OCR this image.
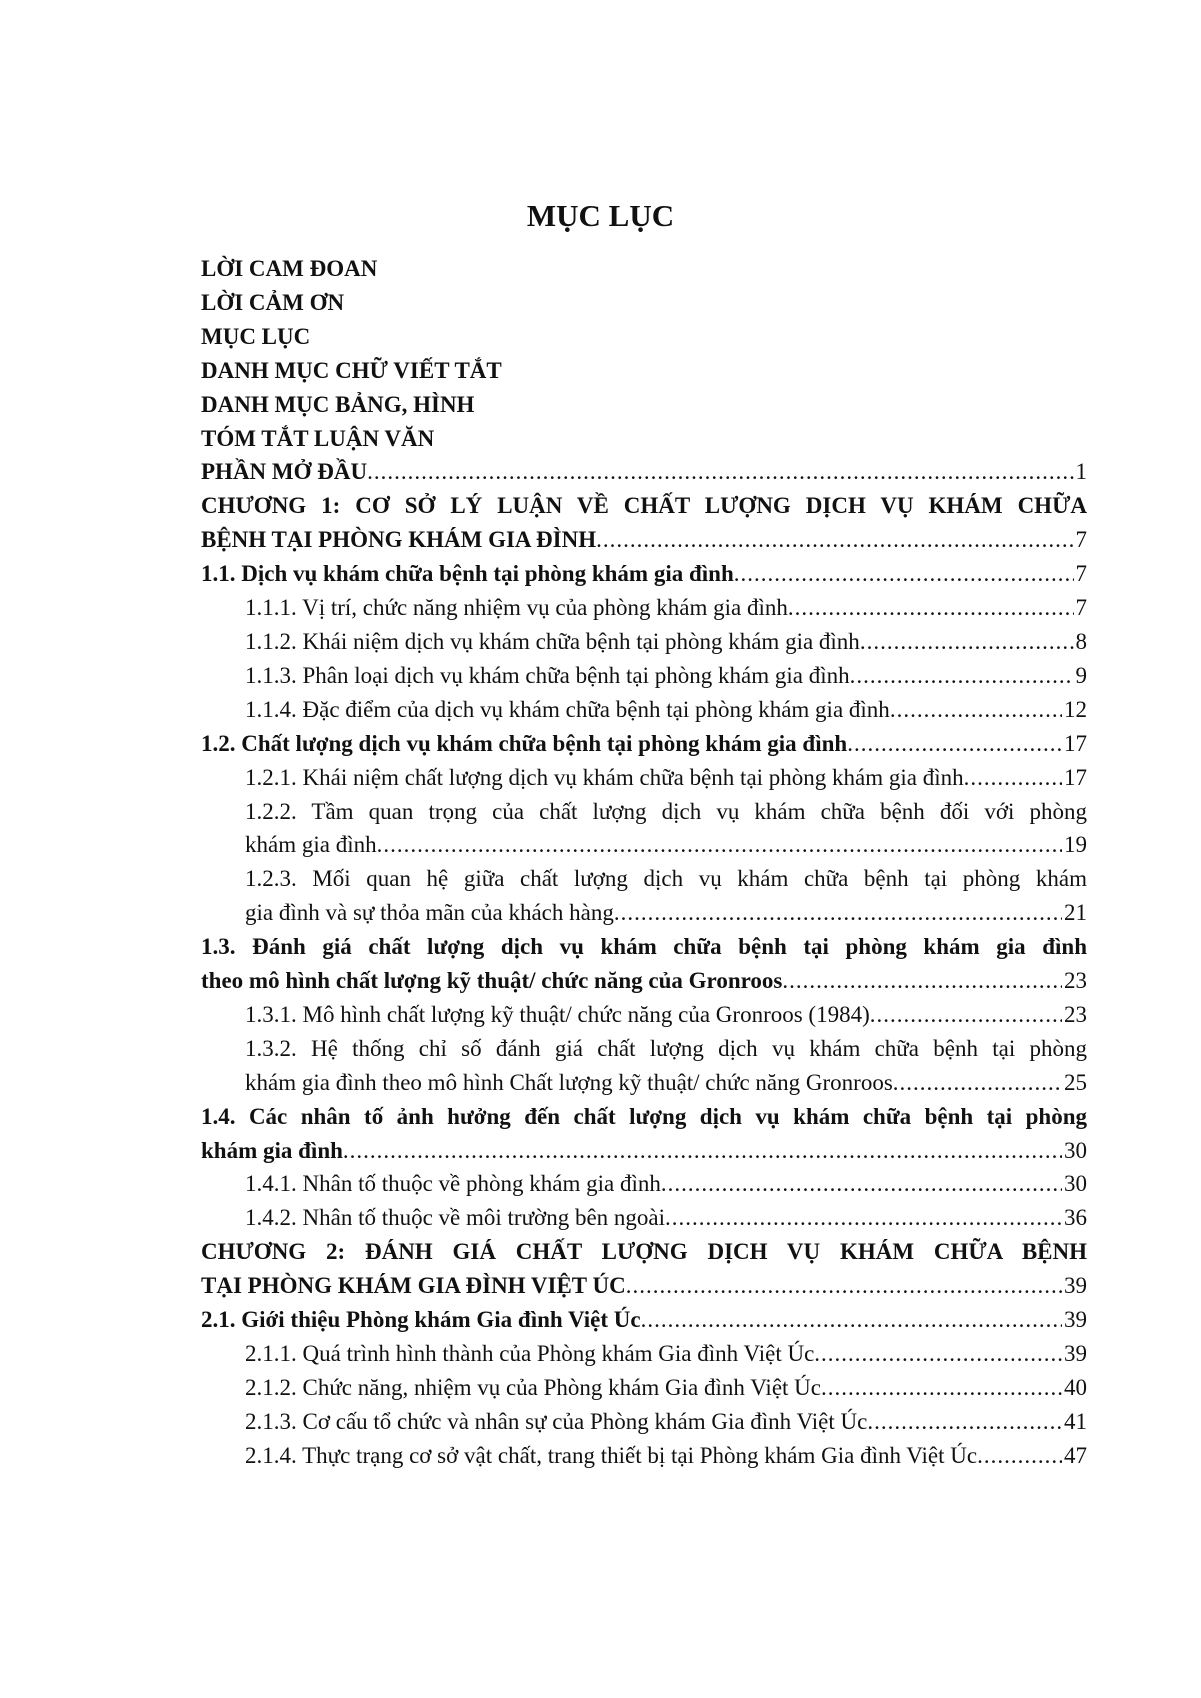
MỤC LỤC
LỜI CAM ĐOAN
LỜI CẢM ƠN
MỤC LỤC
DANH MỤC CHỮ VIẾT TẮT
DANH MỤC BẢNG, HÌNH
TÓM TẮT LUẬN VĂN
PHẦN MỞ ĐẦU .....	1
CHƯƠNG 1: CƠ SỞ LÝ LUẬN VỀ CHẤT LƯỢNG DỊCH VỤ KHÁM CHỮA
BỆNH TẠI PHÒNG KHÁM GIA ĐÌNH .....	7
1.1. Dịch vụ khám chữa bệnh tại phòng khám gia đình .....	7
1.1.1. Vị trí, chức năng nhiệm vụ của phòng khám gia đình .....	7
1.1.2. Khái niệm dịch vụ khám chữa bệnh tại phòng khám gia đình .....	8
1.1.3. Phân loại dịch vụ khám chữa bệnh tại phòng khám gia đình .....	9
1.1.4. Đặc điểm của dịch vụ khám chữa bệnh tại phòng khám gia đình .....	12
1.2. Chất lượng dịch vụ khám chữa bệnh tại phòng khám gia đình .....	17
1.2.1. Khái niệm chất lượng dịch vụ khám chữa bệnh tại phòng khám gia đình .....	17
1.2.2. Tầm quan trọng của chất lượng dịch vụ khám chữa bệnh đối với phòng
khám gia đình .....	19
1.2.3. Mối quan hệ giữa chất lượng dịch vụ khám chữa bệnh tại phòng khám
gia đình và sự thỏa mãn của khách hàng .....	21
1.3. Đánh giá chất lượng dịch vụ khám chữa bệnh tại phòng khám gia đình
theo mô hình chất lượng kỹ thuật/ chức năng của Gronroos .....	23
1.3.1. Mô hình chất lượng kỹ thuật/ chức năng của Gronroos (1984) .....	23
1.3.2. Hệ thống chỉ số đánh giá chất lượng dịch vụ khám chữa bệnh tại phòng
khám gia đình theo mô hình Chất lượng kỹ thuật/ chức năng Gronroos .....	25
1.4. Các nhân tố ảnh hưởng đến chất lượng dịch vụ khám chữa bệnh tại phòng
khám gia đình .....	30
1.4.1. Nhân tố thuộc về phòng khám gia đình .....	30
1.4.2. Nhân tố thuộc về môi trường bên ngoài .....	36
CHƯƠNG 2: ĐÁNH GIÁ CHẤT LƯỢNG DỊCH VỤ KHÁM CHỮA BỆNH
TẠI PHÒNG KHÁM GIA ĐÌNH VIỆT ÚC .....	39
2.1. Giới thiệu Phòng khám Gia đình Việt Úc .....	39
2.1.1. Quá trình hình thành của Phòng khám Gia đình Việt Úc .....	39
2.1.2. Chức năng, nhiệm vụ của Phòng khám Gia đình Việt Úc .....	40
2.1.3. Cơ cấu tổ chức và nhân sự của Phòng khám Gia đình Việt Úc .....	41
2.1.4. Thực trạng cơ sở vật chất, trang thiết bị tại Phòng khám Gia đình Việt Úc .....	47
